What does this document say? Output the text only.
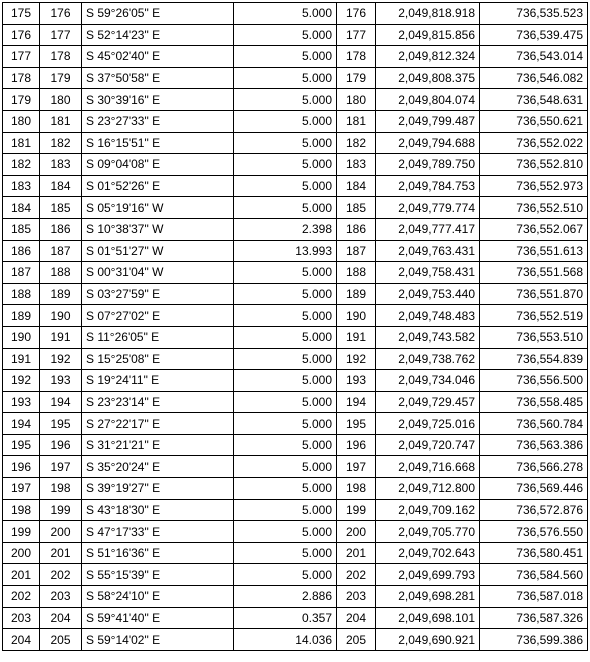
175	176	S 59°26'05" E	5.000	176	2,049,818.918	736,535.523
176	177	S 52°14'23" E	5.000	177	2,049,815.856	736,539.475
177	178	S 45°02'40" E	5.000	178	2,049,812.324	736,543.014
178	179	S 37°50'58" E	5.000	179	2,049,808.375	736,546.082
179	180	S 30°39'16" E	5.000	180	2,049,804.074	736,548.631
180	181	S 23°27'33" E	5.000	181	2,049,799.487	736,550.621
181	182	S 16°15'51" E	5.000	182	2,049,794.688	736,552.022
182	183	S 09°04'08" E	5.000	183	2,049,789.750	736,552.810
183	184	S 01°52'26" E	5.000	184	2,049,784.753	736,552.973
184	185	S 05°19'16" W	5.000	185	2,049,779.774	736,552.510
185	186	S 10°38'37" W	2.398	186	2,049,777.417	736,552.067
186	187	S 01°51'27" W	13.993	187	2,049,763.431	736,551.613
187	188	S 00°31'04" W	5.000	188	2,049,758.431	736,551.568
188	189	S 03°27'59" E	5.000	189	2,049,753.440	736,551.870
189	190	S 07°27'02" E	5.000	190	2,049,748.483	736,552.519
190	191	S 11°26'05" E	5.000	191	2,049,743.582	736,553.510
191	192	S 15°25'08" E	5.000	192	2,049,738.762	736,554.839
192	193	S 19°24'11" E	5.000	193	2,049,734.046	736,556.500
193	194	S 23°23'14" E	5.000	194	2,049,729.457	736,558.485
194	195	S 27°22'17" E	5.000	195	2,049,725.016	736,560.784
195	196	S 31°21'21" E	5.000	196	2,049,720.747	736,563.386
196	197	S 35°20'24" E	5.000	197	2,049,716.668	736,566.278
197	198	S 39°19'27" E	5.000	198	2,049,712.800	736,569.446
198	199	S 43°18'30" E	5.000	199	2,049,709.162	736,572.876
199	200	S 47°17'33" E	5.000	200	2,049,705.770	736,576.550
200	201	S 51°16'36" E	5.000	201	2,049,702.643	736,580.451
201	202	S 55°15'39" E	5.000	202	2,049,699.793	736,584.560
202	203	S 58°24'10" E	2.886	203	2,049,698.281	736,587.018
203	204	S 59°41'40" E	0.357	204	2,049,698.101	736,587.326
204	205	S 59°14'02" E	14.036	205	2,049,690.921	736,599.386
